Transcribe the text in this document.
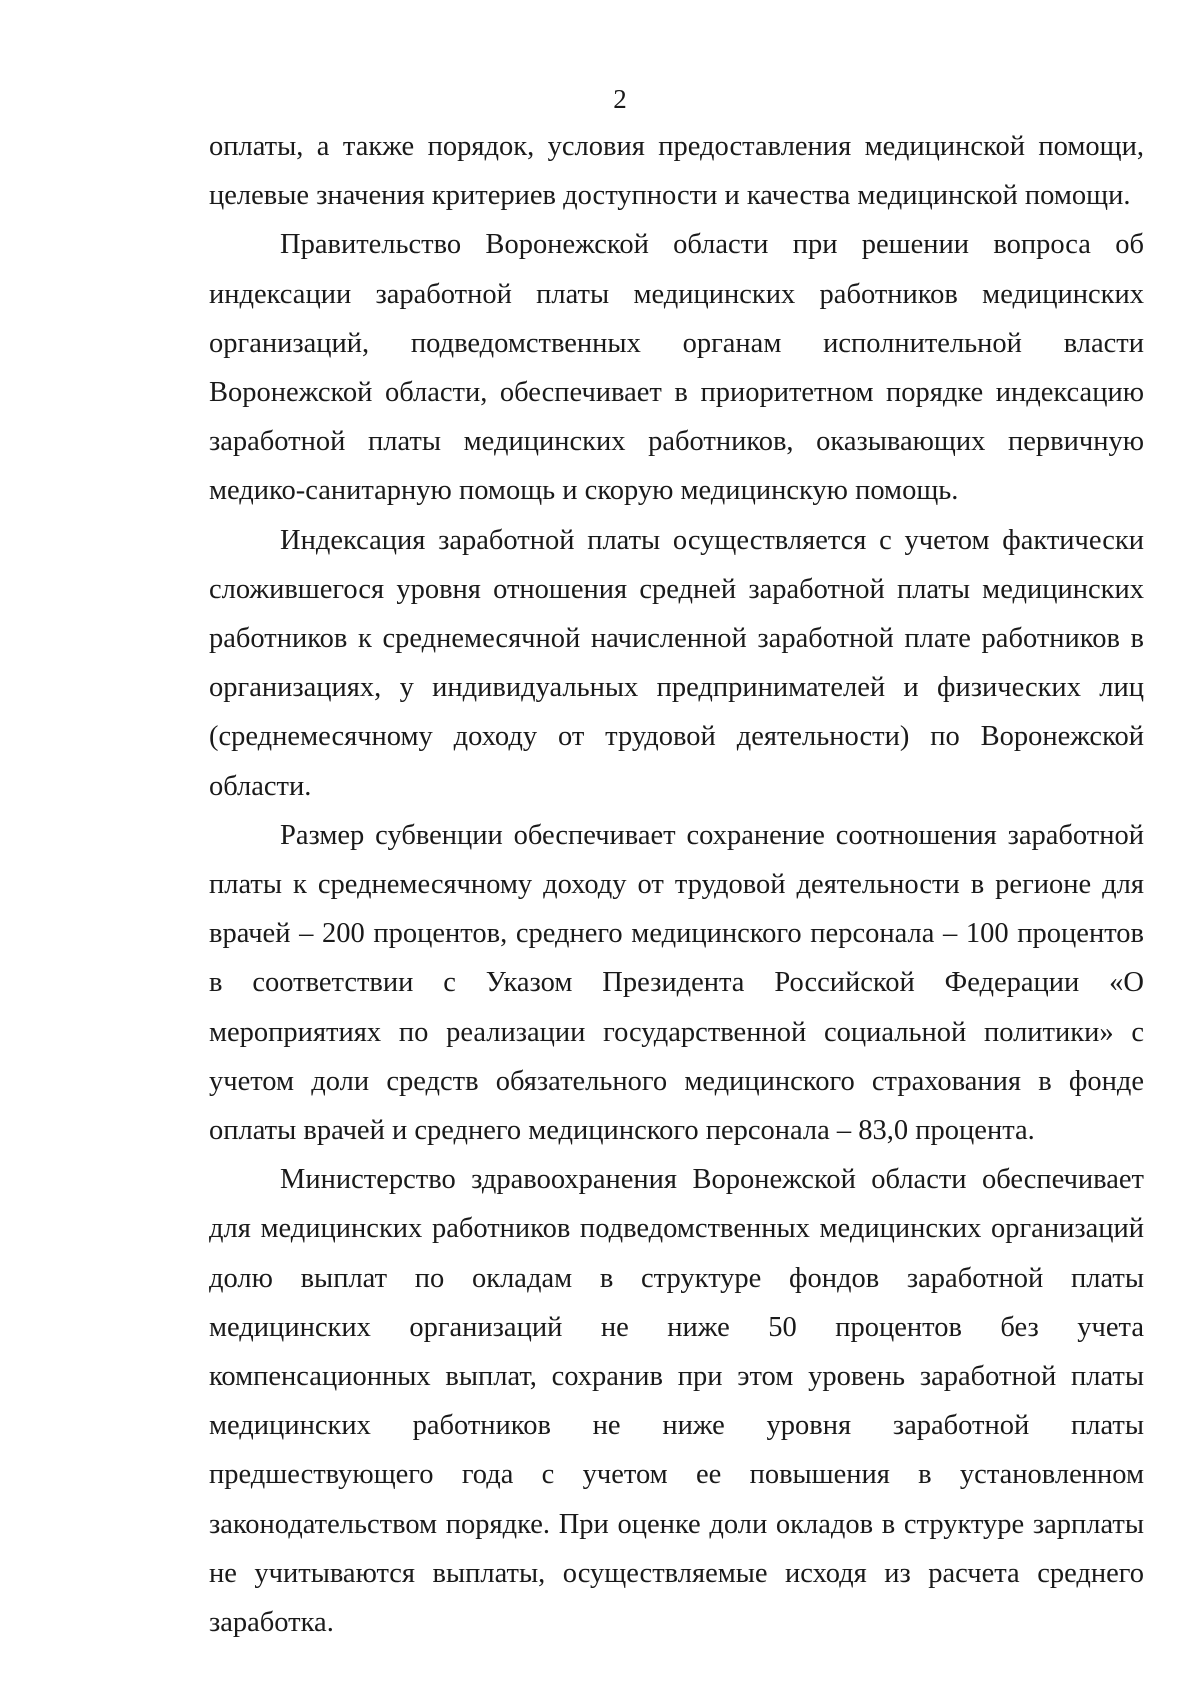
2

оплаты, а также порядок, условия предоставления медицинской помощи, целевые значения критериев доступности и качества медицинской помощи.

Правительство Воронежской области при решении вопроса об индексации заработной платы медицинских работников медицинских организаций, подведомственных органам исполнительной власти Воронежской области, обеспечивает в приоритетном порядке индексацию заработной платы медицинских работников, оказывающих первичную медико-санитарную помощь и скорую медицинскую помощь.

Индексация заработной платы осуществляется с учетом фактически сложившегося уровня отношения средней заработной платы медицинских работников к среднемесячной начисленной заработной плате работников в организациях, у индивидуальных предпринимателей и физических лиц (среднемесячному доходу от трудовой деятельности) по Воронежской области.

Размер субвенции обеспечивает сохранение соотношения заработной платы к среднемесячному доходу от трудовой деятельности в регионе для врачей – 200 процентов, среднего медицинского персонала – 100 процентов в соответствии с Указом Президента Российской Федерации «О мероприятиях по реализации государственной социальной политики» с учетом доли средств обязательного медицинского страхования в фонде оплаты врачей и среднего медицинского персонала – 83,0 процента.

Министерство здравоохранения Воронежской области обеспечивает для медицинских работников подведомственных медицинских организаций долю выплат по окладам в структуре фондов заработной платы медицинских организаций не ниже 50 процентов без учета компенсационных выплат, сохранив при этом уровень заработной платы медицинских работников не ниже уровня заработной платы предшествующего года с учетом ее повышения в установленном законодательством порядке. При оценке доли окладов в структуре зарплаты не учитываются выплаты, осуществляемые исходя из расчета среднего заработка.
